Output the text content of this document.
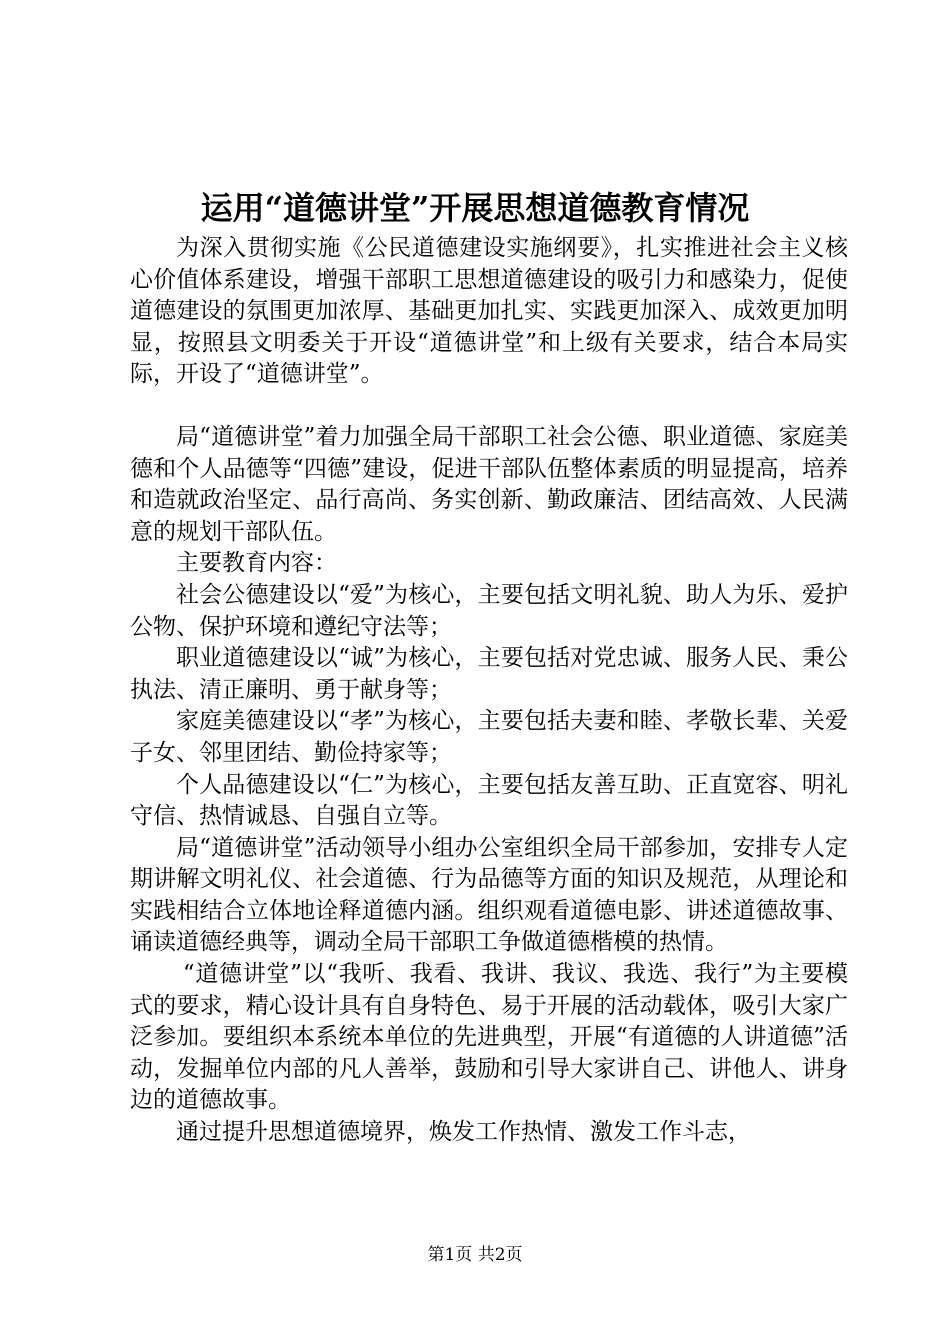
运用“道德讲堂”开展思想道德教育情况

为深入贯彻实施《公民道德建设实施纲要》，扎实推进社会主义核心价值体系建设，增强干部职工思想道德建设的吸引力和感染力，促使道德建设的氛围更加浓厚、基础更加扎实、实践更加深入、成效更加明显，按照县文明委关于开设“道德讲堂”和上级有关要求，结合本局实际，开设了“道德讲堂”。

局“道德讲堂”着力加强全局干部职工社会公德、职业道德、家庭美德和个人品德等“四德”建设，促进干部队伍整体素质的明显提高，培养和造就政治坚定、品行高尚、务实创新、勤政廉洁、团结高效、人民满意的规划干部队伍。

主要教育内容：

社会公德建设以“爱”为核心，主要包括文明礼貌、助人为乐、爱护公物、保护环境和遵纪守法等；

职业道德建设以“诚”为核心，主要包括对党忠诚、服务人民、秉公执法、清正廉明、勇于献身等；

家庭美德建设以“孝”为核心，主要包括夫妻和睦、孝敬长辈、关爱子女、邻里团结、勤俭持家等；

个人品德建设以“仁”为核心，主要包括友善互助、正直宽容、明礼守信、热情诚恳、自强自立等。

局“道德讲堂”活动领导小组办公室组织全局干部参加，安排专人定期讲解文明礼仪、社会道德、行为品德等方面的知识及规范，从理论和实践相结合立体地诠释道德内涵。组织观看道德电影、讲述道德故事、诵读道德经典等，调动全局干部职工争做道德楷模的热情。

“道德讲堂”以“我听、我看、我讲、我议、我选、我行”为主要模式的要求，精心设计具有自身特色、易于开展的活动载体，吸引大家广泛参加。要组织本系统本单位的先进典型，开展“有道德的人讲道德”活动，发掘单位内部的凡人善举，鼓励和引导大家讲自己、讲他人、讲身边的道德故事。

通过提升思想道德境界，焕发工作热情、激发工作斗志，

第1页 共2页
